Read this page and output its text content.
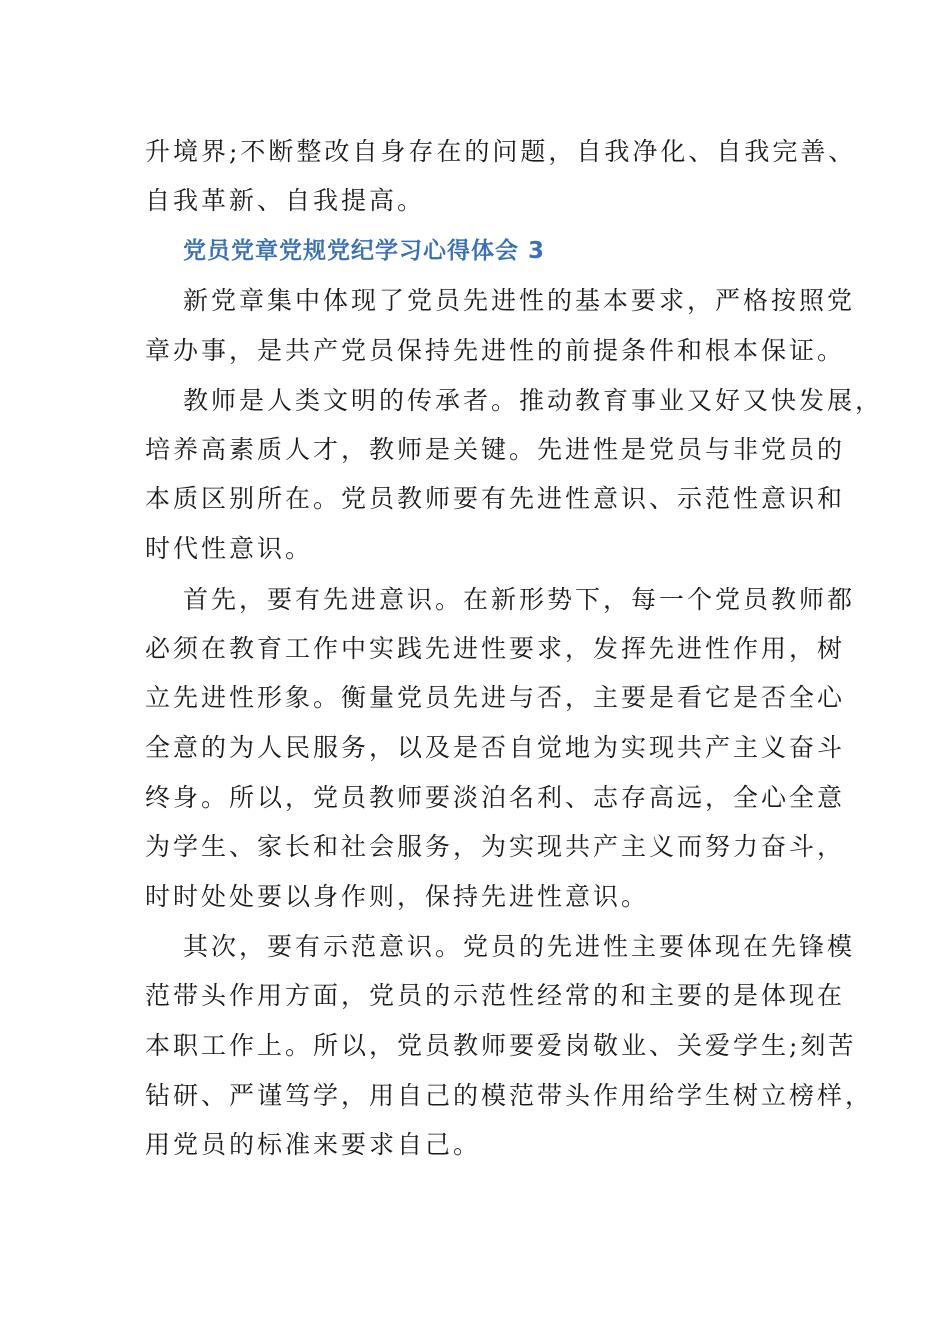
升境界;不断整改自身存在的问题，自我净化、自我完善、
自我革新、自我提高。
党员党章党规党纪学习心得体会 3
新党章集中体现了党员先进性的基本要求，严格按照党
章办事，是共产党员保持先进性的前提条件和根本保证。
教师是人类文明的传承者。推动教育事业又好又快发展，
培养高素质人才，教师是关键。先进性是党员与非党员的
本质区别所在。党员教师要有先进性意识、示范性意识和
时代性意识。
首先，要有先进意识。在新形势下，每一个党员教师都
必须在教育工作中实践先进性要求，发挥先进性作用，树
立先进性形象。衡量党员先进与否，主要是看它是否全心
全意的为人民服务，以及是否自觉地为实现共产主义奋斗
终身。所以，党员教师要淡泊名利、志存高远，全心全意
为学生、家长和社会服务，为实现共产主义而努力奋斗，
时时处处要以身作则，保持先进性意识。
其次，要有示范意识。党员的先进性主要体现在先锋模
范带头作用方面，党员的示范性经常的和主要的是体现在
本职工作上。所以，党员教师要爱岗敬业、关爱学生;刻苦
钻研、严谨笃学，用自己的模范带头作用给学生树立榜样，
用党员的标准来要求自己。
